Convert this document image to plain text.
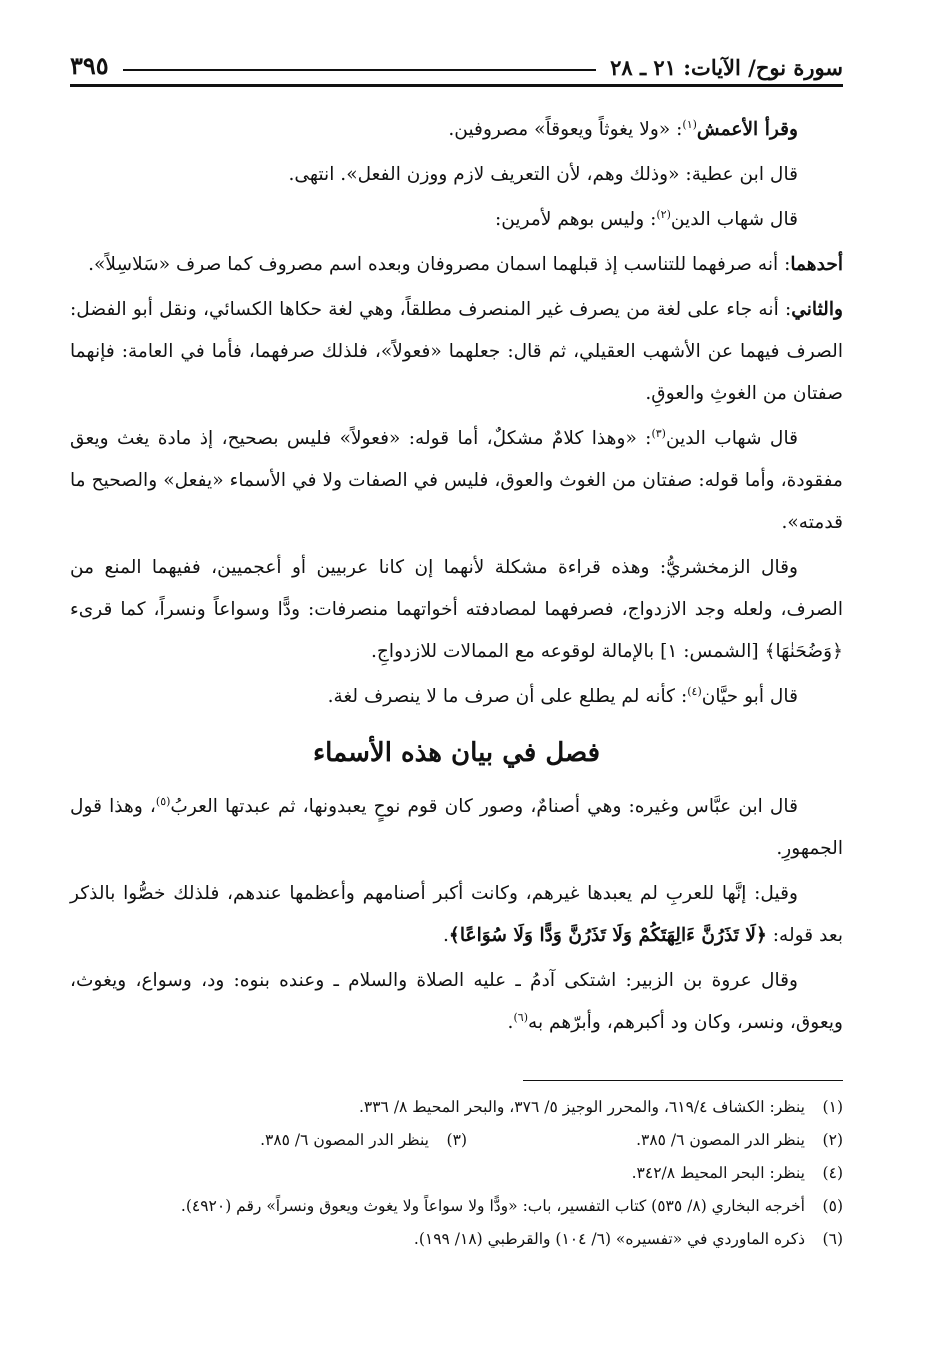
سورة نوح/ الآيات: ٢١ ـ ٢٨
٣٩٥

وقرأ الأعمش$^{(١)}$: «ولا يغوثاً ويعوقاً» مصروفين.

قال ابن عطية: «وذلك وهم، لأن التعريف لازم ووزن الفعل». انتهى.

قال شهاب الدين$^{(٢)}$: وليس بوهم لأمرين:

أحدهما: أنه صرفهما للتناسب إذ قبلهما اسمان مصروفان وبعده اسم مصروف كما صرف «سَلاسِلاً».

والثاني: أنه جاء على لغة من يصرف غير المنصرف مطلقاً، وهي لغة حكاها الكسائي، ونقل أبو الفضل: الصرف فيهما عن الأشهب العقيلي، ثم قال: جعلهما «فعولاً»، فلذلك صرفهما، فأما في العامة: فإنهما صفتان من الغوثِ والعوقِ.

قال شهاب الدين$^{(٣)}$: «وهذا كلامٌ مشكلٌ، أما قوله: «فعولاً» فليس بصحيح، إذ مادة يغث ويعق مفقودة، وأما قوله: صفتان من الغوث والعوق، فليس في الصفات ولا في الأسماء «يفعل» والصحيح ما قدمته».

وقال الزمخشريُّ: وهذه قراءة مشكلة لأنهما إن كانا عربيين أو أعجميين، ففيهما المنع من الصرف، ولعله وجد الازدواج، فصرفهما لمصادفته أخواتهما منصرفات: ودًّا وسواعاً ونسراً، كما قرىء ﴿وَضُحَنٰهَا﴾ [الشمس: ١] بالإمالة لوقوعه مع الممالات للازدواجِ.

قال أبو حيَّان$^{(٤)}$: كأنه لم يطلع على أن صرف ما لا ينصرف لغة.

فصل في بيان هذه الأسماء

قال ابن عبَّاس وغيره: وهي أصنامٌ، وصور كان قوم نوحٍ يعبدونها، ثم عبدتها العربُ$^{(٥)}$، وهذا قول الجمهورِ.

وقيل: إنَّها للعربِ لم يعبدها غيرهم، وكانت أكبر أصنامهم وأعظمها عندهم، فلذلك خصُّوا بالذكر بعد قوله: ﴿لَا تَذَرُنَّ ءَالِهَتَكُمْ وَلَا تَذَرُنَّ وَدًّا وَلَا سُوَاعًا﴾.

وقال عروة بن الزبير: اشتكى آدمُ ـ عليه الصلاة والسلام ـ وعنده بنوه: ود، وسواع، ويغوث، ويعوق، ونسر، وكان ود أكبرهم، وأبرّهم به$^{(٦)}$.

(١)
ينظر: الكشاف ٦١٩/٤، والمحرر الوجيز ٥/ ٣٧٦، والبحر المحيط ٨/ ٣٣٦.
(٢)
ينظر الدر المصون ٦/ ٣٨٥.
(٣)
ينظر الدر المصون ٦/ ٣٨٥.
(٤)
ينظر: البحر المحيط ٣٤٢/٨.
(٥)
أخرجه البخاري (٨/ ٥٣٥) كتاب التفسير، باب: «ودًّا ولا سواعاً ولا يغوث ويعوق ونسراً» رقم (٤٩٢٠).
(٦)
ذكره الماوردي في «تفسيره» (٦/ ١٠٤) والقرطبي (١٨/ ١٩٩).
